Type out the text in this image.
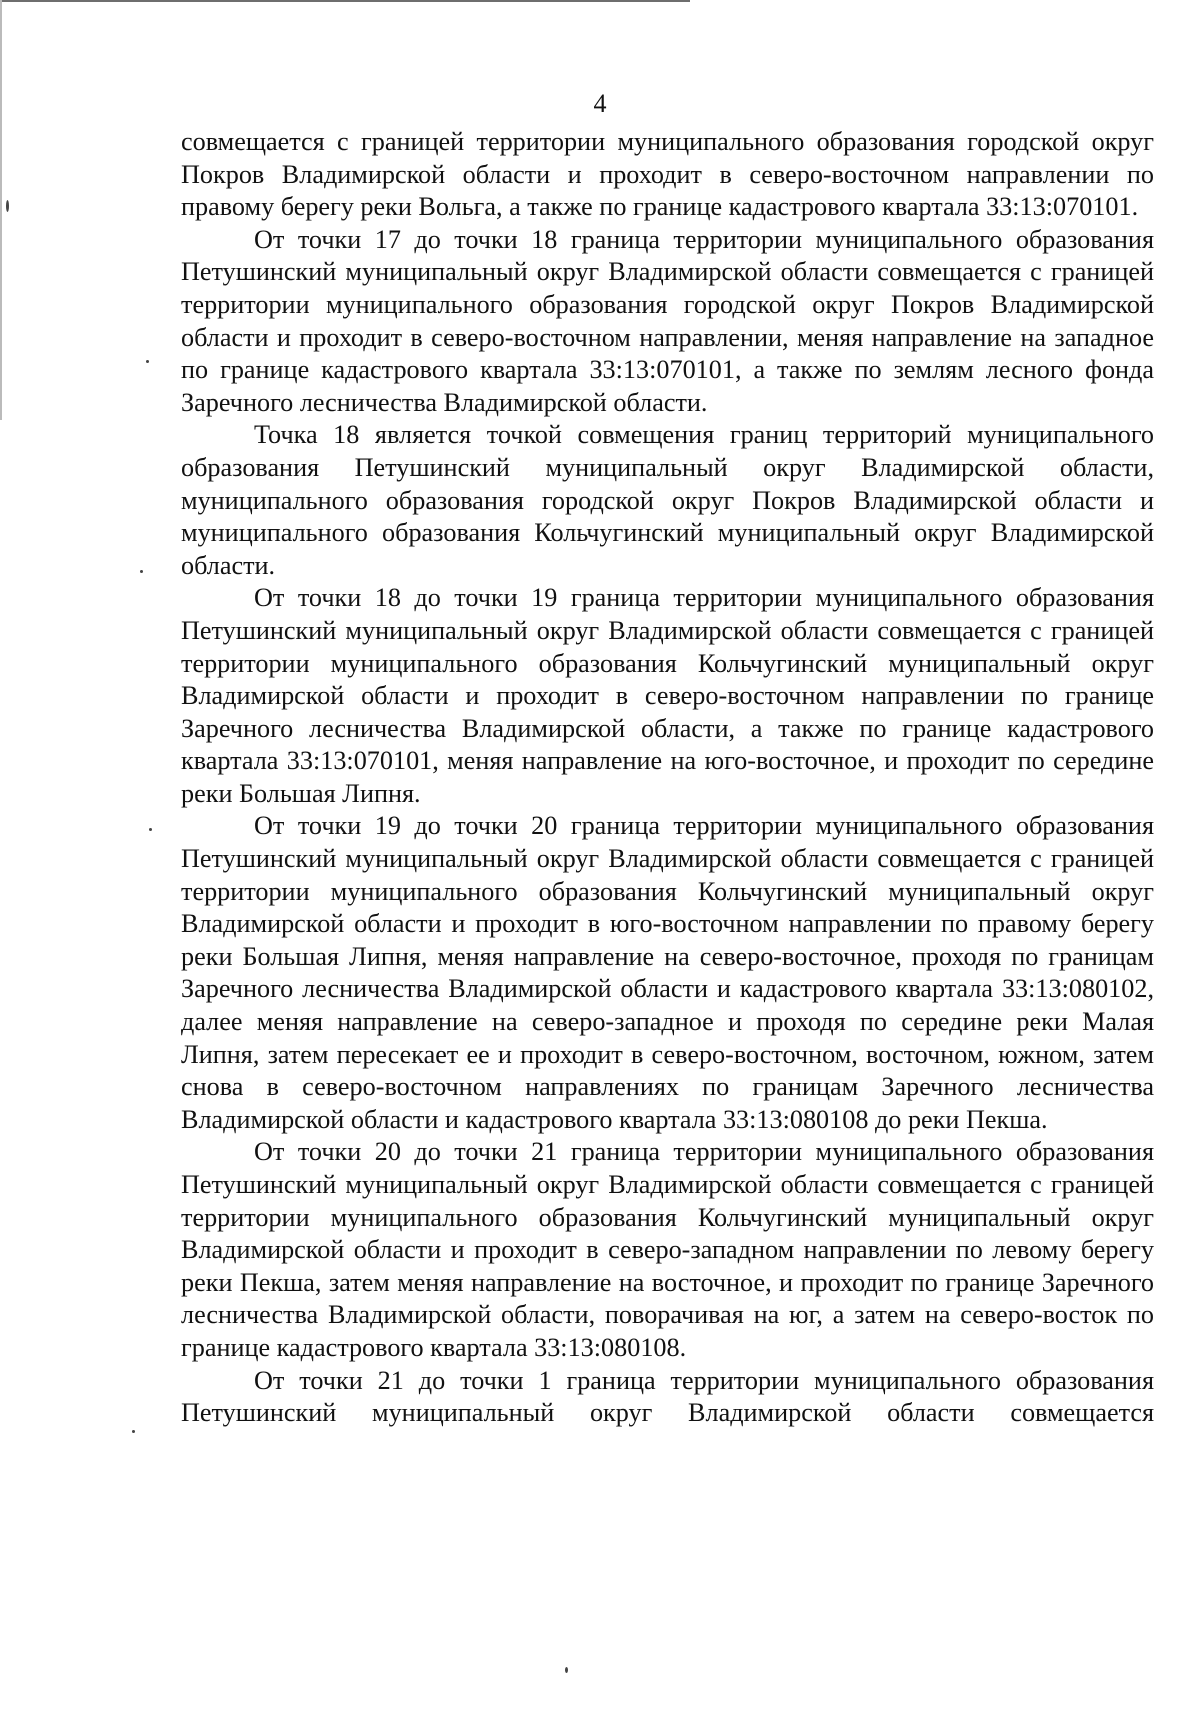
4

совмещается с границей территории муниципального образования городской округ Покров Владимирской области и проходит в северо-восточном направлении по правому берегу реки Вольга, а также по границе кадастрового квартала 33:13:070101.

От точки 17 до точки 18 граница территории муниципального образования Петушинский муниципальный округ Владимирской области совмещается с границей территории муниципального образования городской округ Покров Владимирской области и проходит в северо-восточном направлении, меняя направление на западное по границе кадастрового квартала 33:13:070101, а также по землям лесного фонда Заречного лесничества Владимирской области.

Точка 18 является точкой совмещения границ территорий муниципального образования Петушинский муниципальный округ Владимирской области, муниципального образования городской округ Покров Владимирской области и муниципального образования Кольчугинский муниципальный округ Владимирской области.

От точки 18 до точки 19 граница территории муниципального образования Петушинский муниципальный округ Владимирской области совмещается с границей территории муниципального образования Кольчугинский муниципальный округ Владимирской области и проходит в северо-восточном направлении по границе Заречного лесничества Владимирской области, а также по границе кадастрового квартала 33:13:070101, меняя направление на юго-восточное, и проходит по середине реки Большая Липня.

От точки 19 до точки 20 граница территории муниципального образования Петушинский муниципальный округ Владимирской области совмещается с границей территории муниципального образования Кольчугинский муниципальный округ Владимирской области и проходит в юго-восточном направлении по правому берегу реки Большая Липня, меняя направление на северо-восточное, проходя по границам Заречного лесничества Владимирской области и кадастрового квартала 33:13:080102, далее меняя направление на северо-западное и проходя по середине реки Малая Липня, затем пересекает ее и проходит в северо-восточном, восточном, южном, затем снова в северо-восточном направлениях по границам Заречного лесничества Владимирской области и кадастрового квартала 33:13:080108 до реки Пекша.

От точки 20 до точки 21 граница территории муниципального образования Петушинский муниципальный округ Владимирской области совмещается с границей территории муниципального образования Кольчугинский муниципальный округ Владимирской области и проходит в северо-западном направлении по левому берегу реки Пекша, затем меняя направление на восточное, и проходит по границе Заречного лесничества Владимирской области, поворачивая на юг, а затем на северо-восток по границе кадастрового квартала 33:13:080108.

От точки 21 до точки 1 граница территории муниципального образования Петушинский муниципальный округ Владимирской области совмещается
